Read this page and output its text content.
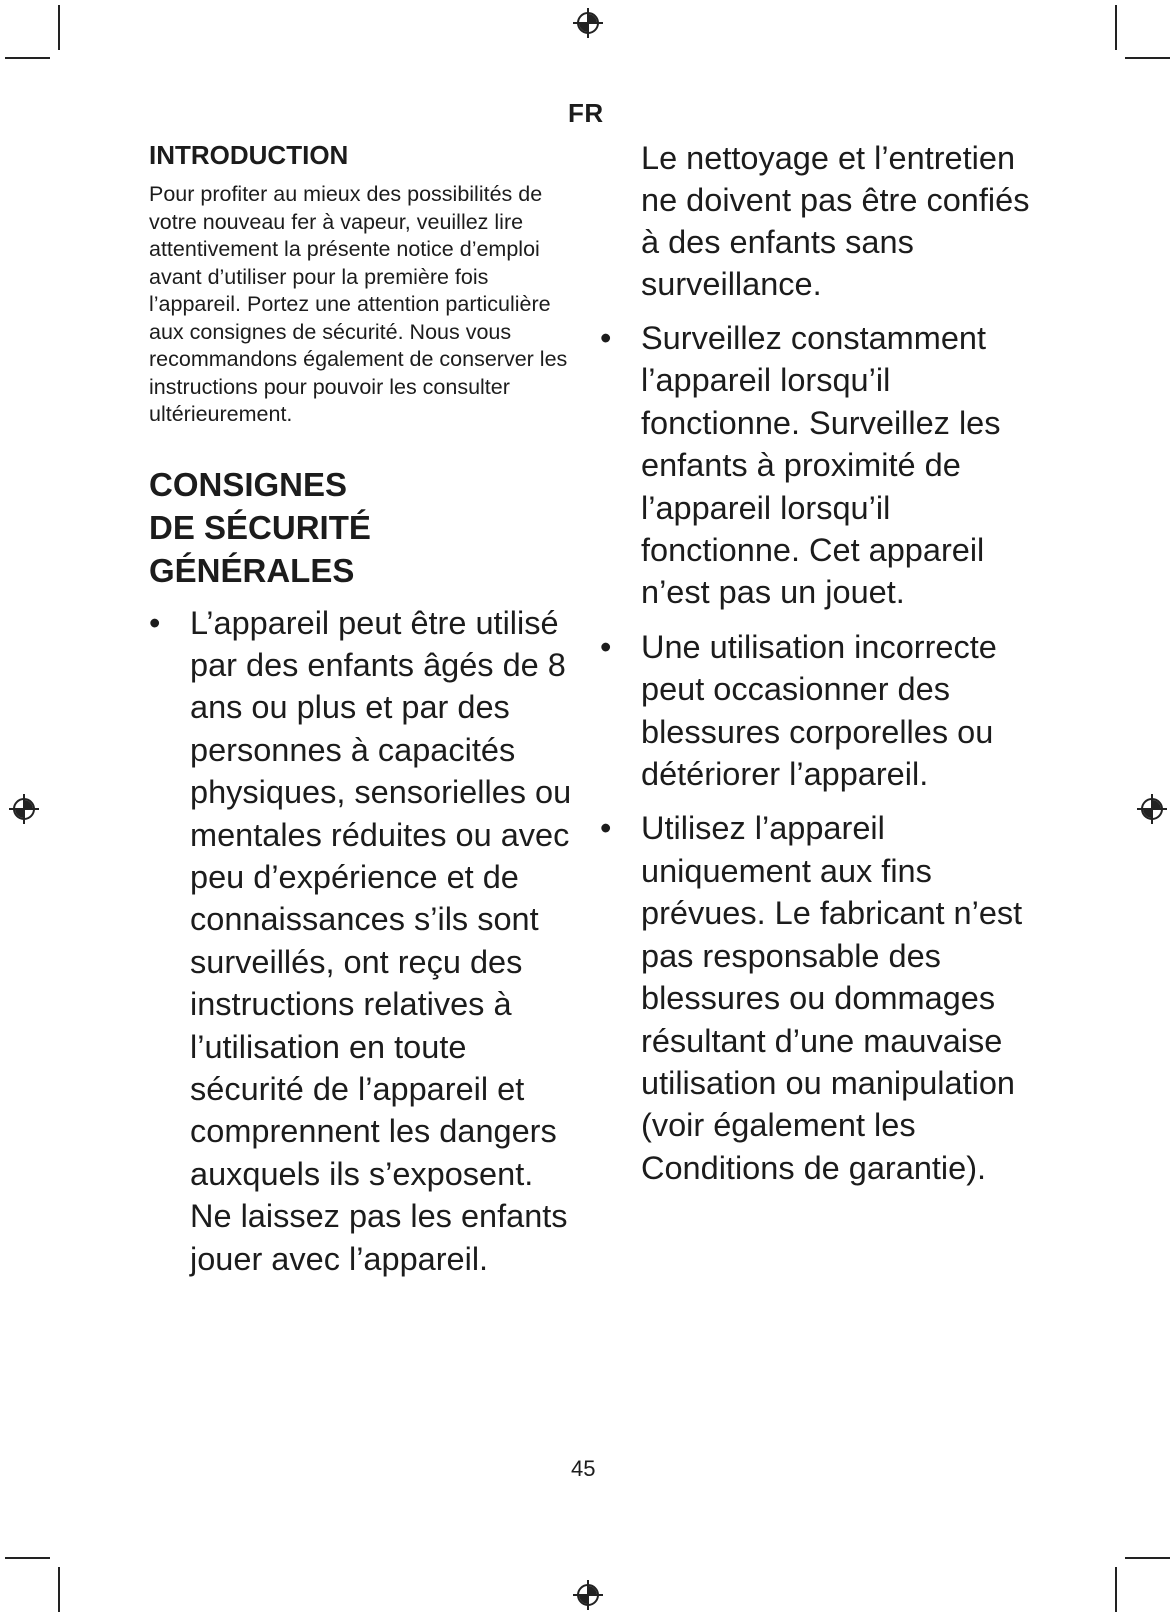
FR
INTRODUCTION

Pour profiter au mieux des possibilités de votre nouveau fer à vapeur, veuillez lire attentivement la présente notice d’emploi avant d’utiliser pour la première fois l’appareil. Portez une attention particulière aux consignes de sécurité. Nous vous recommandons également de conserver les instructions pour pouvoir les consulter ultérieurement.

CONSIGNES
DE SÉCURITÉ
GÉNÉRALES
• L’appareil peut être utilisé par des enfants âgés de 8 ans ou plus et par des personnes à capacités physiques, sensorielles ou mentales réduites ou avec peu d’expérience et de connaissances s’ils sont surveillés, ont reçu des instructions relatives à l’utilisation en toute sécurité de l’appareil et comprennent les dangers auxquels ils s’exposent. Ne laissez pas les enfants jouer avec l’appareil.

Le nettoyage et l’entretien ne doivent pas être confiés à des enfants sans surveillance.

• Surveillez constamment l’appareil lorsqu’il fonctionne. Surveillez les enfants à proximité de l’appareil lorsqu’il fonctionne. Cet appareil n’est pas un jouet.
• Une utilisation incorrecte peut occasionner des blessures corporelles ou détériorer l’appareil.
• Utilisez l’appareil uniquement aux fins prévues. Le fabricant n’est pas responsable des blessures ou dommages résultant d’une mauvaise utilisation ou manipulation (voir également les Conditions de garantie).
45
